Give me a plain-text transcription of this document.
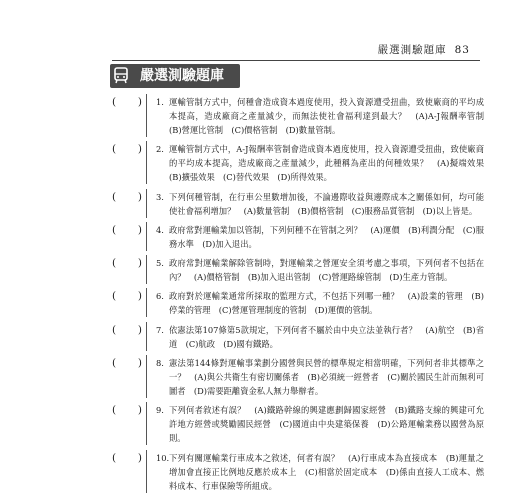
嚴選測驗題庫 83
嚴選測驗題庫
( ) 1. 運輸管制方式中，何種會造成資本過度使用，投入資源遭受扭曲，致使廠商的平均成本提高，造成廠商之產量減少，而無法使社會福利達到最大？　(A)A-J報酬率管制　(B)營運比管制　(C)價格管制　(D)數量管制。
( ) 2. 運輸管制方式中，A-J報酬率管制會造成資本過度使用，投入資源遭受扭曲，致使廠商的平均成本提高，造成廠商之產量減少，此種稱為產出的何種效果？　(A)擬端效果　(B)擴張效果　(C)替代效果　(D)所得效果。
( ) 3. 下列何種管制，在行車公里數增加後，不論邊際收益與邊際成本之關係如何，均可能使社會福利增加？　(A)數量管制　(B)價格管制　(C)服務品質管制　(D)以上皆是。
( ) 4. 政府常對運輸業加以管制，下列何種不在管制之列？　(A)運價　(B)利潤分配　(C)服務水準　(D)加入退出。
( ) 5. 政府常對運輸業解除管制時，對運輸業之營運安全須考慮之事項，下列何者不包括在內？　(A)價格管制　(B)加入退出管制　(C)營運路線管制　(D)生產力管制。
( ) 6. 政府對於運輸業通常所採取的監理方式，不包括下列哪一種？　(A)設業的管理　(B)停業的管理　(C)營運管理制度的管制　(D)運價的管制。
( ) 7. 依憲法第107條第5款規定，下列何者不屬於由中央立法並執行者？　(A)航空　(B)省道　(C)航政　(D)國有鐵路。
( ) 8. 憲法第144條對運輸事業劃分國營與民營的標準規定相當明確，下列何者非其標準之一？　(A)與公共衛生有密切關係者　(B)必須統一經營者　(C)關於國民生計而無利可圖者　(D)需要距離資金私人無力舉辦者。
( ) 9. 下列何者敘述有誤？　(A)鐵路幹線的興建應劃歸國家經營　(B)鐵路支線的興建可允許地方經營或獎勵國民經營　(C)國道由中央建築保養　(D)公路運輸業務以國營為原則。
( ) 10. 下列有關運輸業行車成本之敘述，何者有誤？　(A)行車成本為直接成本　(B)運量之增加會直接正比例地反應於成本上　(C)相當於固定成本　(D)係由直接人工成本、燃料成本、行車保險等所組成。
